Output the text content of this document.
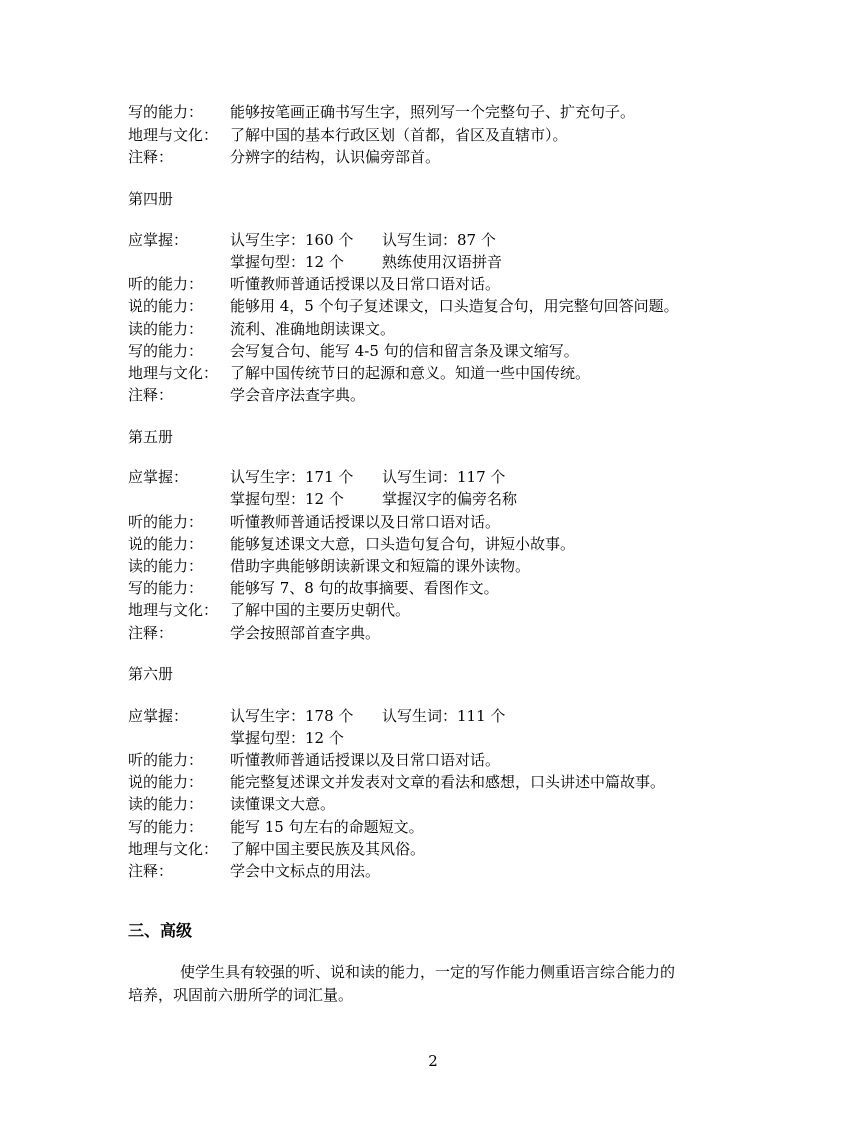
写的能力： 能够按笔画正确书写生字，照列写一个完整句子、扩充句子。
地理与文化： 了解中国的基本行政区划（首都，省区及直辖市）。
注释：	分辨字的结构，认识偏旁部首。
第四册
应掌握：	认写生字：160 个 认写生词：87 个
掌握句型：12 个	熟练使用汉语拼音
听的能力： 听懂教师普通话授课以及日常口语对话。
说的能力： 能够用 4，5 个句子复述课文，口头造复合句，用完整句回答问题。
读的能力： 流利、准确地朗读课文。
写的能力： 会写复合句、能写 4-5 句的信和留言条及课文缩写。
地理与文化： 了解中国传统节日的起源和意义。知道一些中国传统。
注释：	学会音序法查字典。
第五册
应掌握：	认写生字：171 个 认写生词：117 个
掌握句型：12 个	掌握汉字的偏旁名称
听的能力： 听懂教师普通话授课以及日常口语对话。
说的能力： 能够复述课文大意，口头造句复合句，讲短小故事。
读的能力： 借助字典能够朗读新课文和短篇的课外读物。
写的能力： 能够写 7、8 句的故事摘要、看图作文。
地理与文化： 了解中国的主要历史朝代。
注释：	学会按照部首查字典。
第六册
应掌握：	认写生字：178 个 认写生词：111 个
掌握句型：12 个
听的能力： 听懂教师普通话授课以及日常口语对话。
说的能力： 能完整复述课文并发表对文章的看法和感想，口头讲述中篇故事。
读的能力： 读懂课文大意。
写的能力： 能写 15 句左右的命题短文。
地理与文化： 了解中国主要民族及其风俗。
注释：	学会中文标点的用法。
三、高级

使学生具有较强的听、说和读的能力，一定的写作能力侧重语言综合能力的

培养，巩固前六册所学的词汇量。

2
